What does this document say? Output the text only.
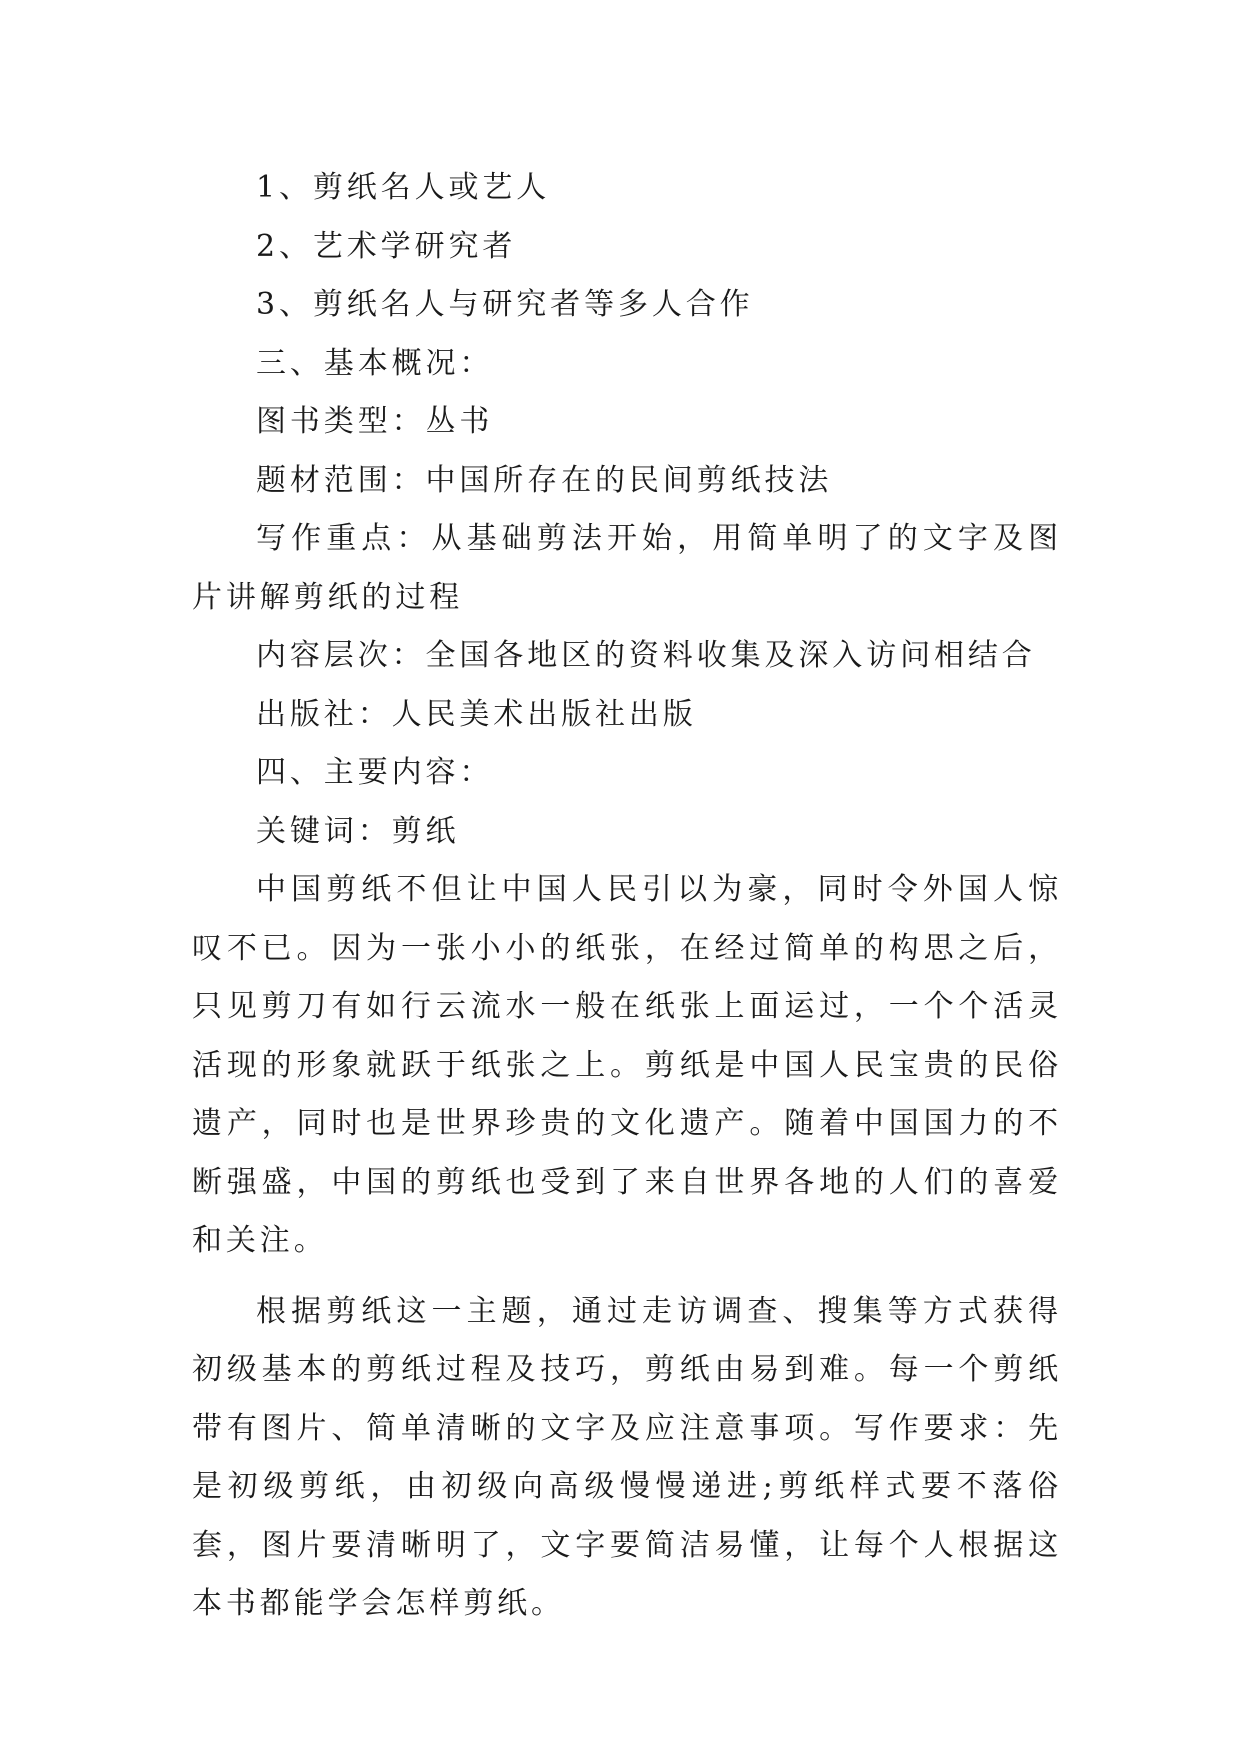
1、剪纸名人或艺人

2、艺术学研究者

3、剪纸名人与研究者等多人合作

三、基本概况：

图书类型：丛书

题材范围：中国所存在的民间剪纸技法

写作重点：从基础剪法开始，用简单明了的文字及图片讲解剪纸的过程

内容层次：全国各地区的资料收集及深入访问相结合

出版社：人民美术出版社出版

四、主要内容：

关键词：剪纸

中国剪纸不但让中国人民引以为豪，同时令外国人惊叹不已。因为一张小小的纸张，在经过简单的构思之后，只见剪刀有如行云流水一般在纸张上面运过，一个个活灵活现的形象就跃于纸张之上。剪纸是中国人民宝贵的民俗遗产，同时也是世界珍贵的文化遗产。随着中国国力的不断强盛，中国的剪纸也受到了来自世界各地的人们的喜爱和关注。

根据剪纸这一主题，通过走访调查、搜集等方式获得初级基本的剪纸过程及技巧，剪纸由易到难。每一个剪纸带有图片、简单清晰的文字及应注意事项。写作要求：先是初级剪纸，由初级向高级慢慢递进;剪纸样式要不落俗套，图片要清晰明了，文字要简洁易懂，让每个人根据这本书都能学会怎样剪纸。
